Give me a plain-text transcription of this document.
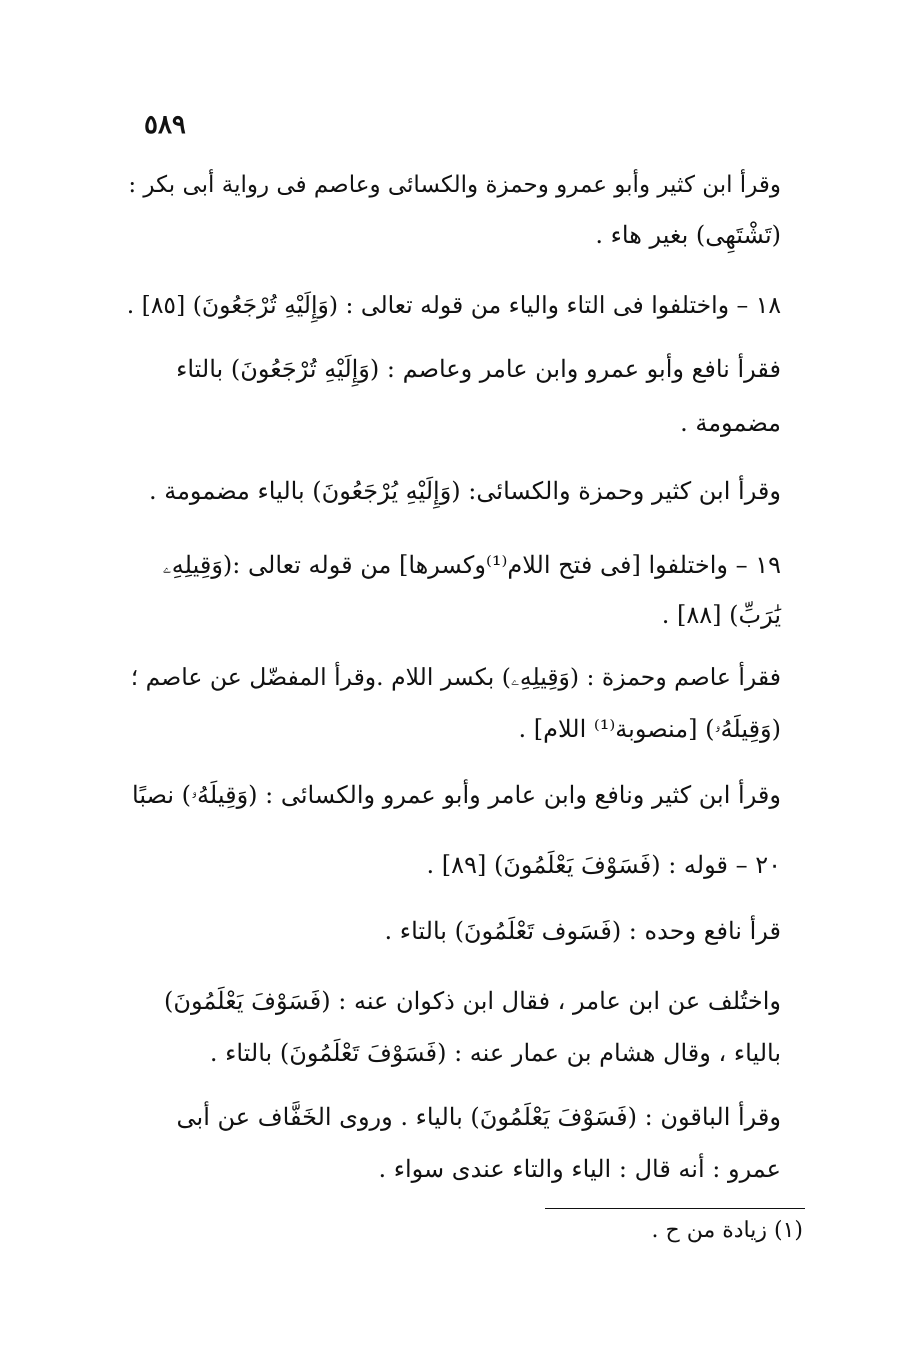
٥٨٩
وقرأ ابن كثير وأبو عمرو وحمزة والكسائى وعاصم فى رواية أبى بكر :
(تَشْتَهِى) بغير هاء .
١٨ – واختلفوا فى التاء والياء من قوله تعالى : (وَإِلَيْهِ تُرْجَعُونَ) [٨٥] .
فقرأ نافع وأبو عمرو وابن عامر وعاصم : (وَإِلَيْهِ تُرْجَعُونَ) بالتاء
مضمومة .
وقرأ ابن كثير وحمزة والكسائى: (وَإِلَيْهِ يُرْجَعُونَ) بالياء مضمومة .
١٩ – واختلفوا [فى فتح اللام⁽¹⁾وكسرها] من قوله تعالى :(وَقِيلِهِۦ
يَٰرَبِّ) [٨٨] .
فقرأ عاصم وحمزة : (وَقِيلِهِۦ) بكسر اللام .وقرأ المفضّل عن عاصم ؛
(وَقِيلَهُۥ) [منصوبة⁽¹⁾ اللام] .
وقرأ ابن كثير ونافع وابن عامر وأبو عمرو والكسائى : (وَقِيلَهُۥ) نصبًا
٢٠ – قوله : (فَسَوْفَ يَعْلَمُونَ) [٨٩] .
قرأ نافع وحده : (فَسَوف تَعْلَمُونَ) بالتاء .
واختُلف عن ابن عامر ، فقال ابن ذكوان عنه : (فَسَوْفَ يَعْلَمُونَ)
بالياء ، وقال هشام بن عمار عنه : (فَسَوْفَ تَعْلَمُونَ) بالتاء .
وقرأ الباقون : (فَسَوْفَ يَعْلَمُونَ) بالياء . وروى الخَفَّاف عن أبى
عمرو : أنه قال : الياء والتاء عندى سواء .
(١) زيادة من ح .
